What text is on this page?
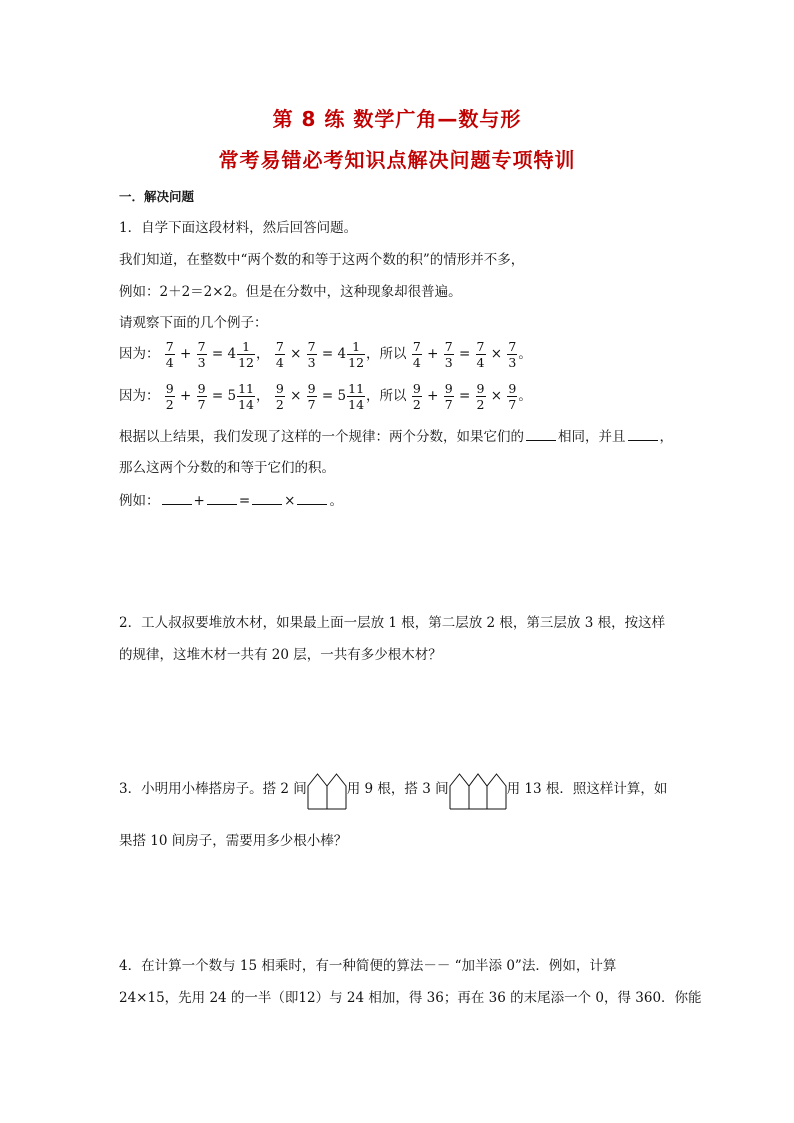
第 8 练 数学广角—数与形
常考易错必考知识点解决问题专项特训
一．解决问题
1．自学下面这段材料，然后回答问题。
我们知道，在整数中“两个数的和等于这两个数的积”的情形并不多，
例如：2＋2＝2×2。但是在分数中，这种现象却很普遍。
请观察下面的几个例子：
因为： $\frac{7}{4} + \frac{7}{3} = 4 \frac{1}{12}$ ， $\frac{7}{4} \times \frac{7}{3} = 4 \frac{1}{12}$ ，所以 $\frac{7}{4} + \frac{7}{3} = \frac{7}{4} \times \frac{7}{3}$ 。
因为： $\frac{9}{2} + \frac{9}{7} = 5 \frac{11}{14}$ ， $\frac{9}{2} \times \frac{9}{7} = 5 \frac{11}{14}$ ，所以 $\frac{9}{2} + \frac{9}{7} = \frac{9}{2} \times \frac{9}{7}$ 。
根据以上结果，我们发现了这样的一个规律：两个分数，如果它们的	相同，并且	，
那么这两个分数的和等于它们的积。
例如：	+	=	×	。
2．工人叔叔要堆放木材，如果最上面一层放 1 根，第二层放 2 根，第三层放 3 根，按这样
的规律，这堆木材一共有 20 层，一共有多少根木材？
3．小明用小棒搭房子。搭 2 间	用 9 根，搭 3 间	用 13 根．照这样计算，如
果搭 10 间房子，需要用多少根小棒？
4．在计算一个数与 15 相乘时，有一种简便的算法－－ “加半添 0”法．例如，计算
24×15，先用 24 的一半（即12）与 24 相加，得 36；再在 36 的末尾添一个 0，得 360．你能
